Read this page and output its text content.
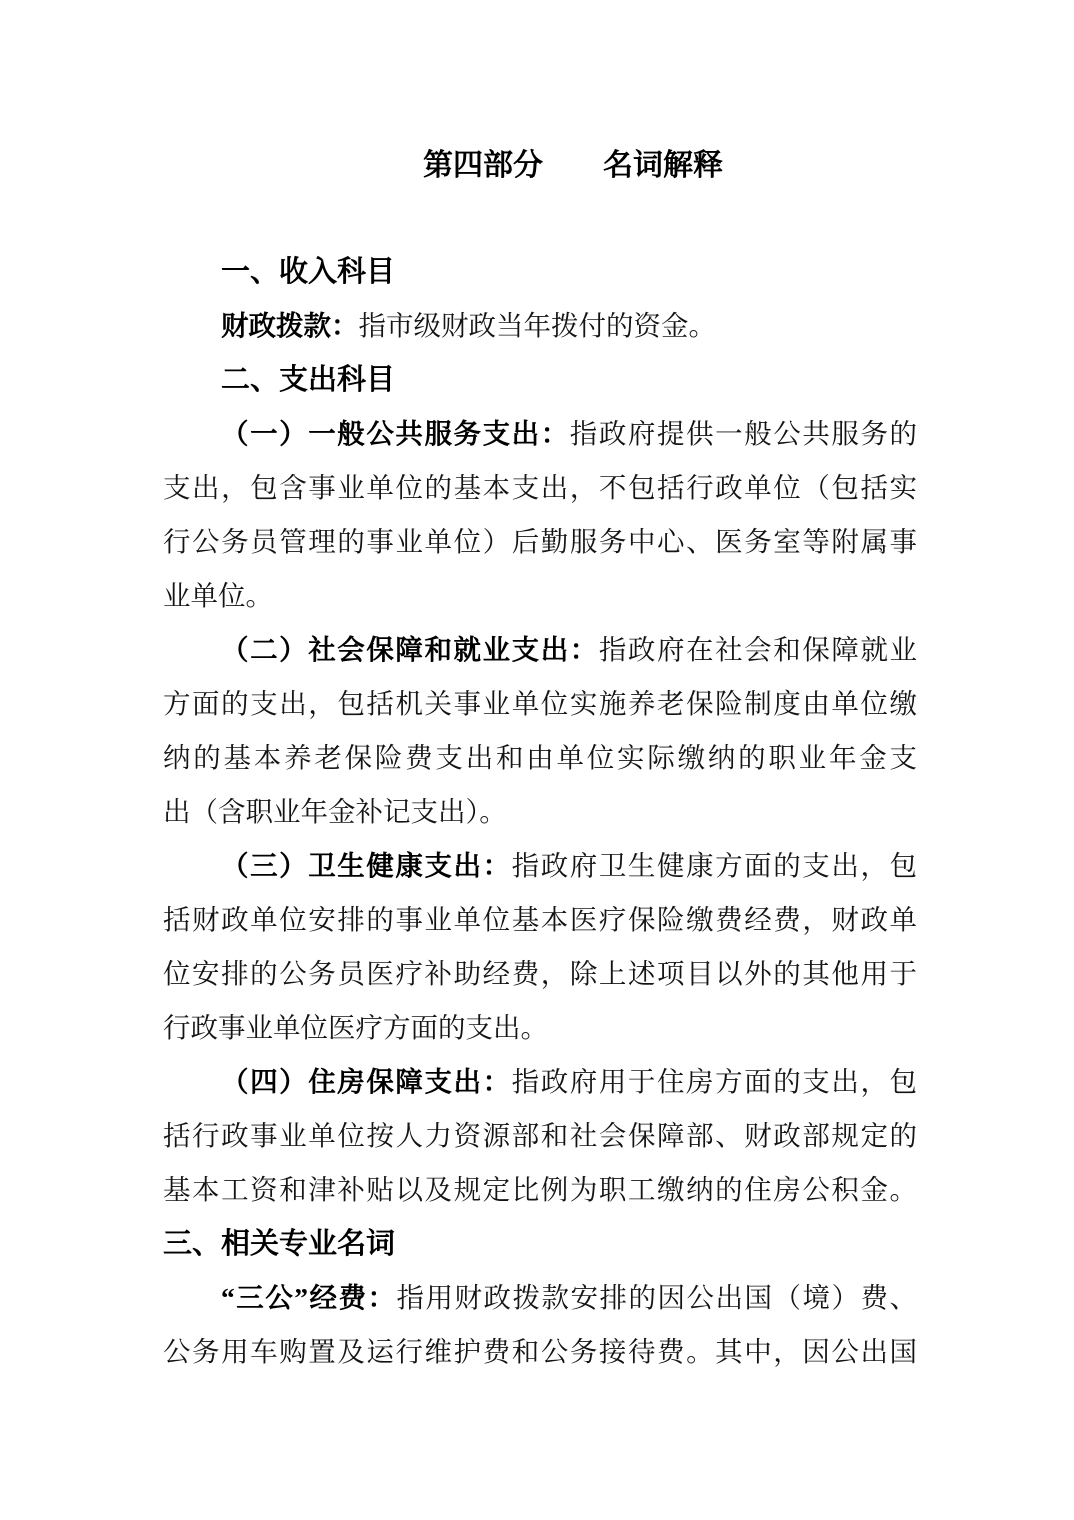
第四部分　　名词解释
一、收入科目
财政拨款：指市级财政当年拨付的资金。
二、支出科目
（一）一般公共服务支出：指政府提供一般公共服务的
支出，包含事业单位的基本支出，不包括行政单位（包括实
行公务员管理的事业单位）后勤服务中心、医务室等附属事
业单位。
（二）社会保障和就业支出：指政府在社会和保障就业
方面的支出，包括机关事业单位实施养老保险制度由单位缴
纳的基本养老保险费支出和由单位实际缴纳的职业年金支
出（含职业年金补记支出）。
（三）卫生健康支出：指政府卫生健康方面的支出，包
括财政单位安排的事业单位基本医疗保险缴费经费，财政单
位安排的公务员医疗补助经费，除上述项目以外的其他用于
行政事业单位医疗方面的支出。
（四）住房保障支出：指政府用于住房方面的支出，包
括行政事业单位按人力资源部和社会保障部、财政部规定的
基本工资和津补贴以及规定比例为职工缴纳的住房公积金。
三、相关专业名词
“三公”经费：指用财政拨款安排的因公出国（境）费、
公务用车购置及运行维护费和公务接待费。其中，因公出国
